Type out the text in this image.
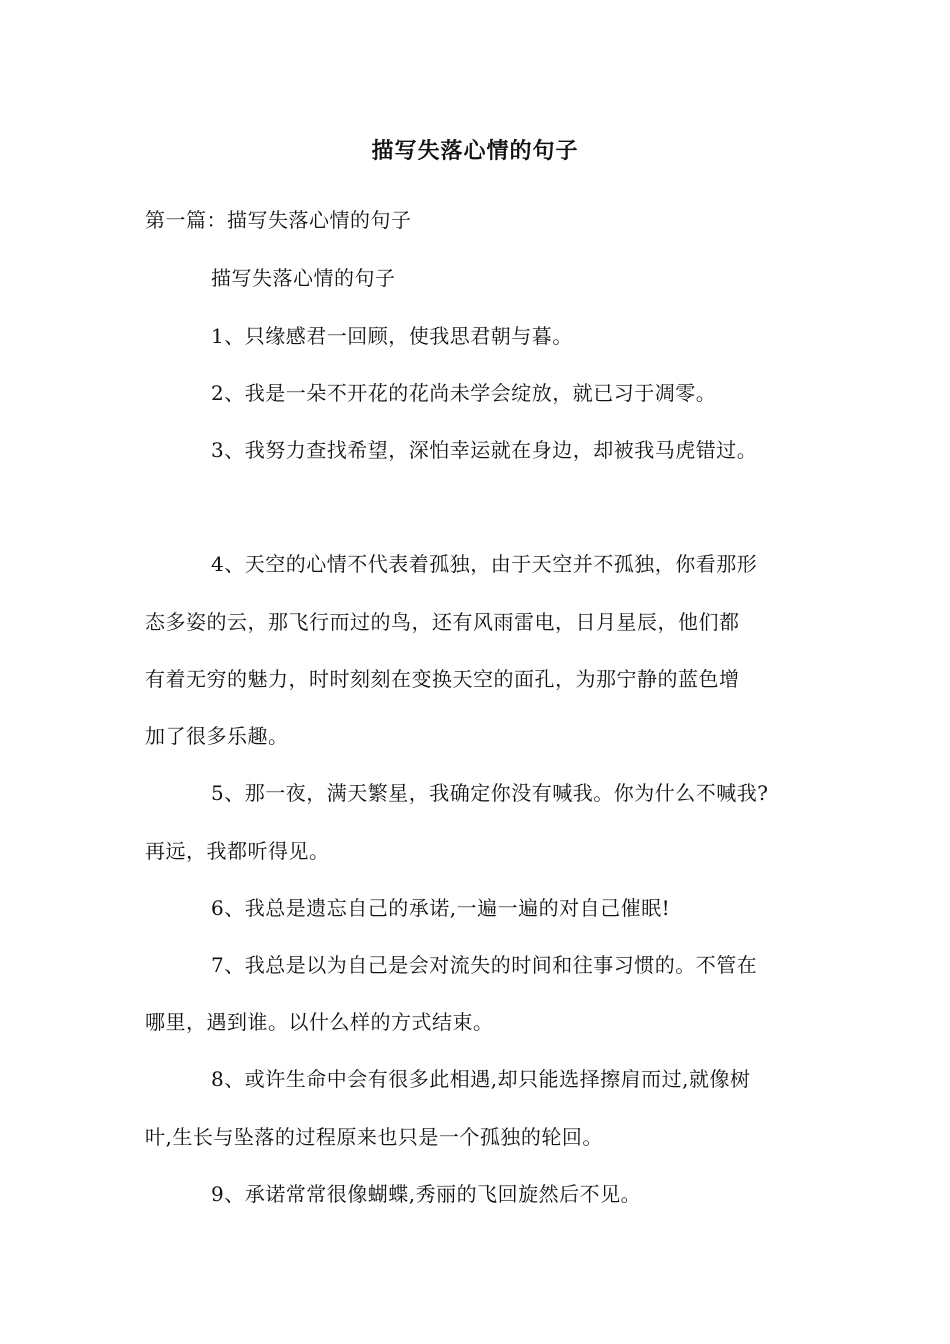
描写失落心情的句子
第一篇：描写失落心情的句子
描写失落心情的句子
1、只缘感君一回顾，使我思君朝与暮。
2、我是一朵不开花的花尚未学会绽放，就已习于凋零。
3、我努力查找希望，深怕幸运就在身边，却被我马虎错过。
4、天空的心情不代表着孤独，由于天空并不孤独，你看那形
态多姿的云，那飞行而过的鸟，还有风雨雷电，日月星辰，他们都
有着无穷的魅力，时时刻刻在变换天空的面孔，为那宁静的蓝色增
加了很多乐趣。
5、那一夜，满天繁星，我确定你没有喊我。你为什么不喊我?
再远，我都听得见。
6、我总是遗忘自己的承诺,一遍一遍的对自己催眠!
7、我总是以为自己是会对流失的时间和往事习惯的。不管在
哪里，遇到谁。以什么样的方式结束。
8、或许生命中会有很多此相遇,却只能选择擦肩而过,就像树
叶,生长与坠落的过程原来也只是一个孤独的轮回。
9、承诺常常很像蝴蝶,秀丽的飞回旋然后不见。
